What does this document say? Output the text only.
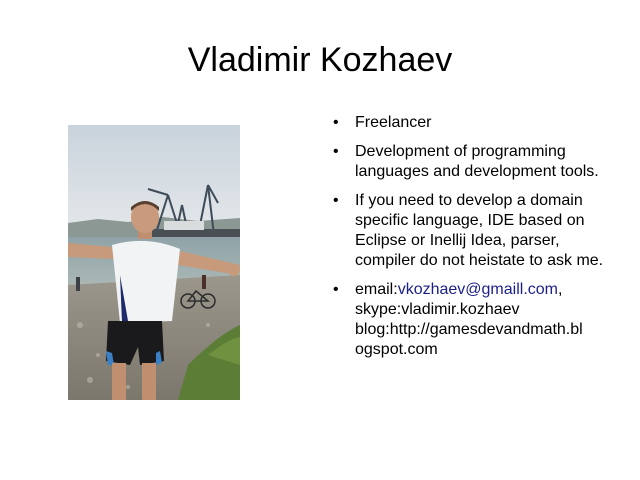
Vladimir Kozhaev
• Freelancer
• Development of programming languages and development tools.
• If you need to develop a domain specific language, IDE based on Eclipse or Inellij Idea, parser, compiler do not heistate to ask me.
• email:vkozhaev@gmaill.com,
skype:vladimir.kozhaev
blog:http://gamesdevandmath.bl
ogspot.com
